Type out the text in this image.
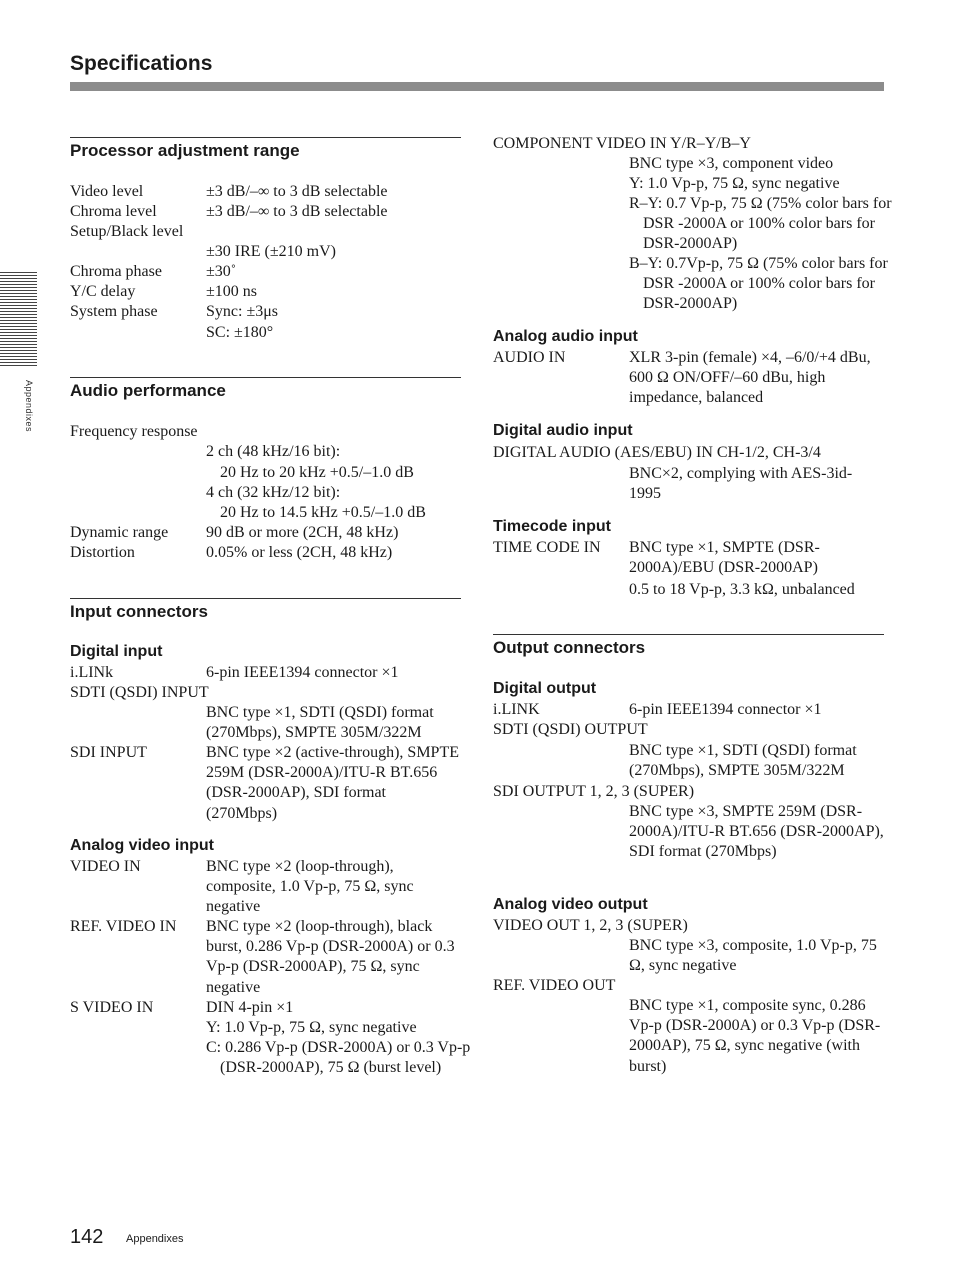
Specifications
Appendixes
Processor adjustment range
Video level	±3 dB/–∞ to 3 dB selectable
Chroma level	±3 dB/–∞ to 3 dB selectable
Setup/Black level
±30 IRE (±210 mV)
Chroma phase	±30˚
Y/C delay	±100 ns
System phase	Sync: ±3μs
SC: ±180°
Audio performance
Frequency response
2 ch (48 kHz/16 bit):
20 Hz to 20 kHz +0.5/–1.0 dB
4 ch (32 kHz/12 bit):
20 Hz to 14.5 kHz +0.5/–1.0 dB
Dynamic range 90 dB or more (2CH, 48 kHz)
Distortion	0.05% or less (2CH, 48 kHz)
Input connectors
Digital input
i.LINk	6-pin IEEE1394 connector ×1
SDTI (QSDI) INPUT
BNC type ×1, SDTI (QSDI) format (270Mbps), SMPTE 305M/322M
SDI INPUT	BNC type ×2 (active-through), SMPTE 259M (DSR-2000A)/ITU-R BT.656 (DSR-2000AP), SDI format (270Mbps)
Analog video input
VIDEO IN	BNC type ×2 (loop-through), composite, 1.0 Vp-p, 75 Ω, sync negative
REF. VIDEO IN BNC type ×2 (loop-through), black burst, 0.286 Vp-p (DSR-2000A) or 0.3 Vp-p (DSR-2000AP), 75 Ω, sync negative
S VIDEO IN	DIN 4-pin ×1
Y: 1.0 Vp-p, 75 Ω, sync negative
C: 0.286 Vp-p (DSR-2000A) or 0.3 Vp-p (DSR-2000AP), 75 Ω (burst level)
COMPONENT VIDEO IN Y/R–Y/B–Y
BNC type ×3, component video
Y: 1.0 Vp-p, 75 Ω, sync negative
R–Y: 0.7 Vp-p, 75 Ω (75% color bars for DSR -2000A or 100% color bars for DSR-2000AP)
B–Y: 0.7Vp-p, 75 Ω (75% color bars for DSR -2000A or 100% color bars for DSR-2000AP)
Analog audio input
AUDIO IN	XLR 3-pin (female) ×4, –6/0/+4 dBu, 600 Ω ON/OFF/–60 dBu, high impedance, balanced
Digital audio input
DIGITAL AUDIO (AES/EBU) IN CH-1/2, CH-3/4
BNC×2, complying with AES-3id-1995
Timecode input
TIME CODE IN BNC type ×1, SMPTE (DSR-2000A)/EBU (DSR-2000AP)
0.5 to 18 Vp-p, 3.3 kΩ, unbalanced
Output connectors
Digital output
i.LINK	6-pin IEEE1394 connector ×1
SDTI (QSDI) OUTPUT
BNC type ×1, SDTI (QSDI) format (270Mbps), SMPTE 305M/322M
SDI OUTPUT 1, 2, 3 (SUPER)
BNC type ×3, SMPTE 259M (DSR-2000A)/ITU-R BT.656 (DSR-2000AP), SDI format (270Mbps)
Analog video output
VIDEO OUT 1, 2, 3 (SUPER)
BNC type ×3, composite, 1.0 Vp-p, 75 Ω, sync negative
REF. VIDEO OUT
BNC type ×1, composite sync, 0.286 Vp-p (DSR-2000A) or 0.3 Vp-p (DSR-2000AP), 75 Ω, sync negative (with burst)
142 Appendixes
